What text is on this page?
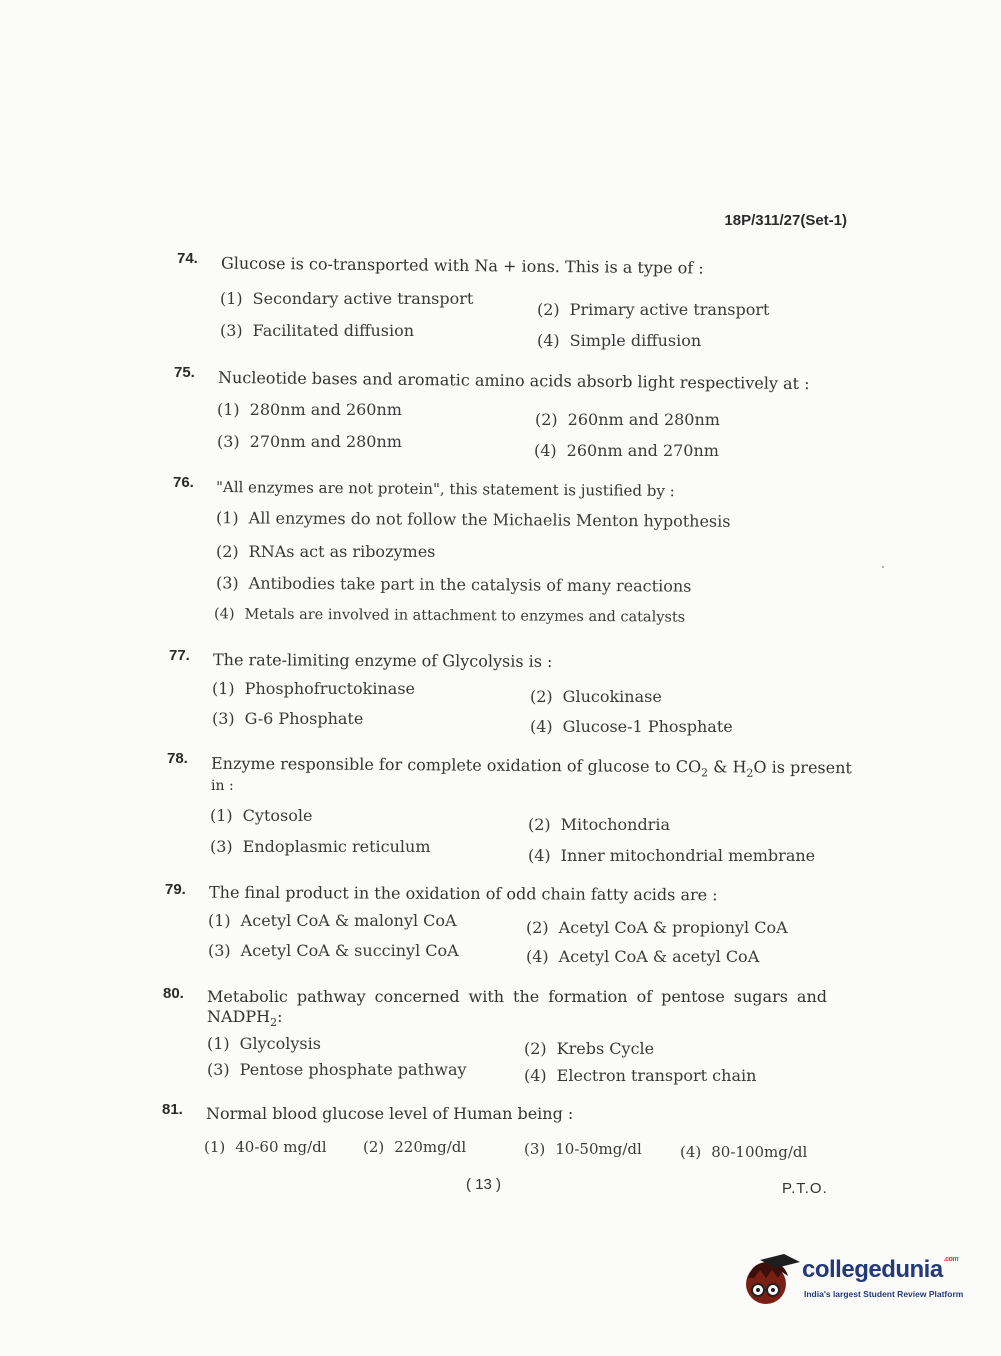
18P/311/27(Set-1)
74. Glucose is co-transported with Na + ions. This is a type of :
(1) Secondary active transport
(2) Primary active transport
(3) Facilitated diffusion
(4) Simple diffusion
75. Nucleotide bases and aromatic amino acids absorb light respectively at :
(1) 280nm and 260nm
(2) 260nm and 280nm
(3) 270nm and 280nm	(4) 260nm and 270nm
76. "All enzymes are not protein", this statement is justified by :
(1) All enzymes do not follow the Michaelis Menton hypothesis
(2) RNAs act as ribozymes
(3) Antibodies take part in the catalysis of many reactions
(4) Metals are involved in attachment to enzymes and catalysts
77. The rate-limiting enzyme of Glycolysis is :
(1) Phosphofructokinase	(2) Glucokinase
(3) G-6 Phosphate	(4) Glucose-1 Phosphate
78. Enzyme responsible for complete oxidation of glucose to $CO_2$ & $H_2O$ is present
in :
(1) Cytosole	(2) Mitochondria
(3) Endoplasmic reticulum	(4) Inner mitochondrial membrane
79. The final product in the oxidation of odd chain fatty acids are :
(1) Acetyl CoA & malonyl CoA	(2) Acetyl CoA & propionyl CoA
(3) Acetyl CoA & succinyl CoA	(4) Acetyl CoA & acetyl CoA
80. Metabolic pathway concerned with the formation of pentose sugars and
$NADPH_2$:
(1) Glycolysis	(2) Krebs Cycle
(3) Pentose phosphate pathway	(4) Electron transport chain
81. Normal blood glucose level of Human being :
(1) 40-60 mg/dl (2) 220mg/dl	(3) 10-50mg/dl	(4) 80-100mg/dl
( 13 )	P.T.O.
collegedunia$^{.com}$
India's largest Student Review Platform
